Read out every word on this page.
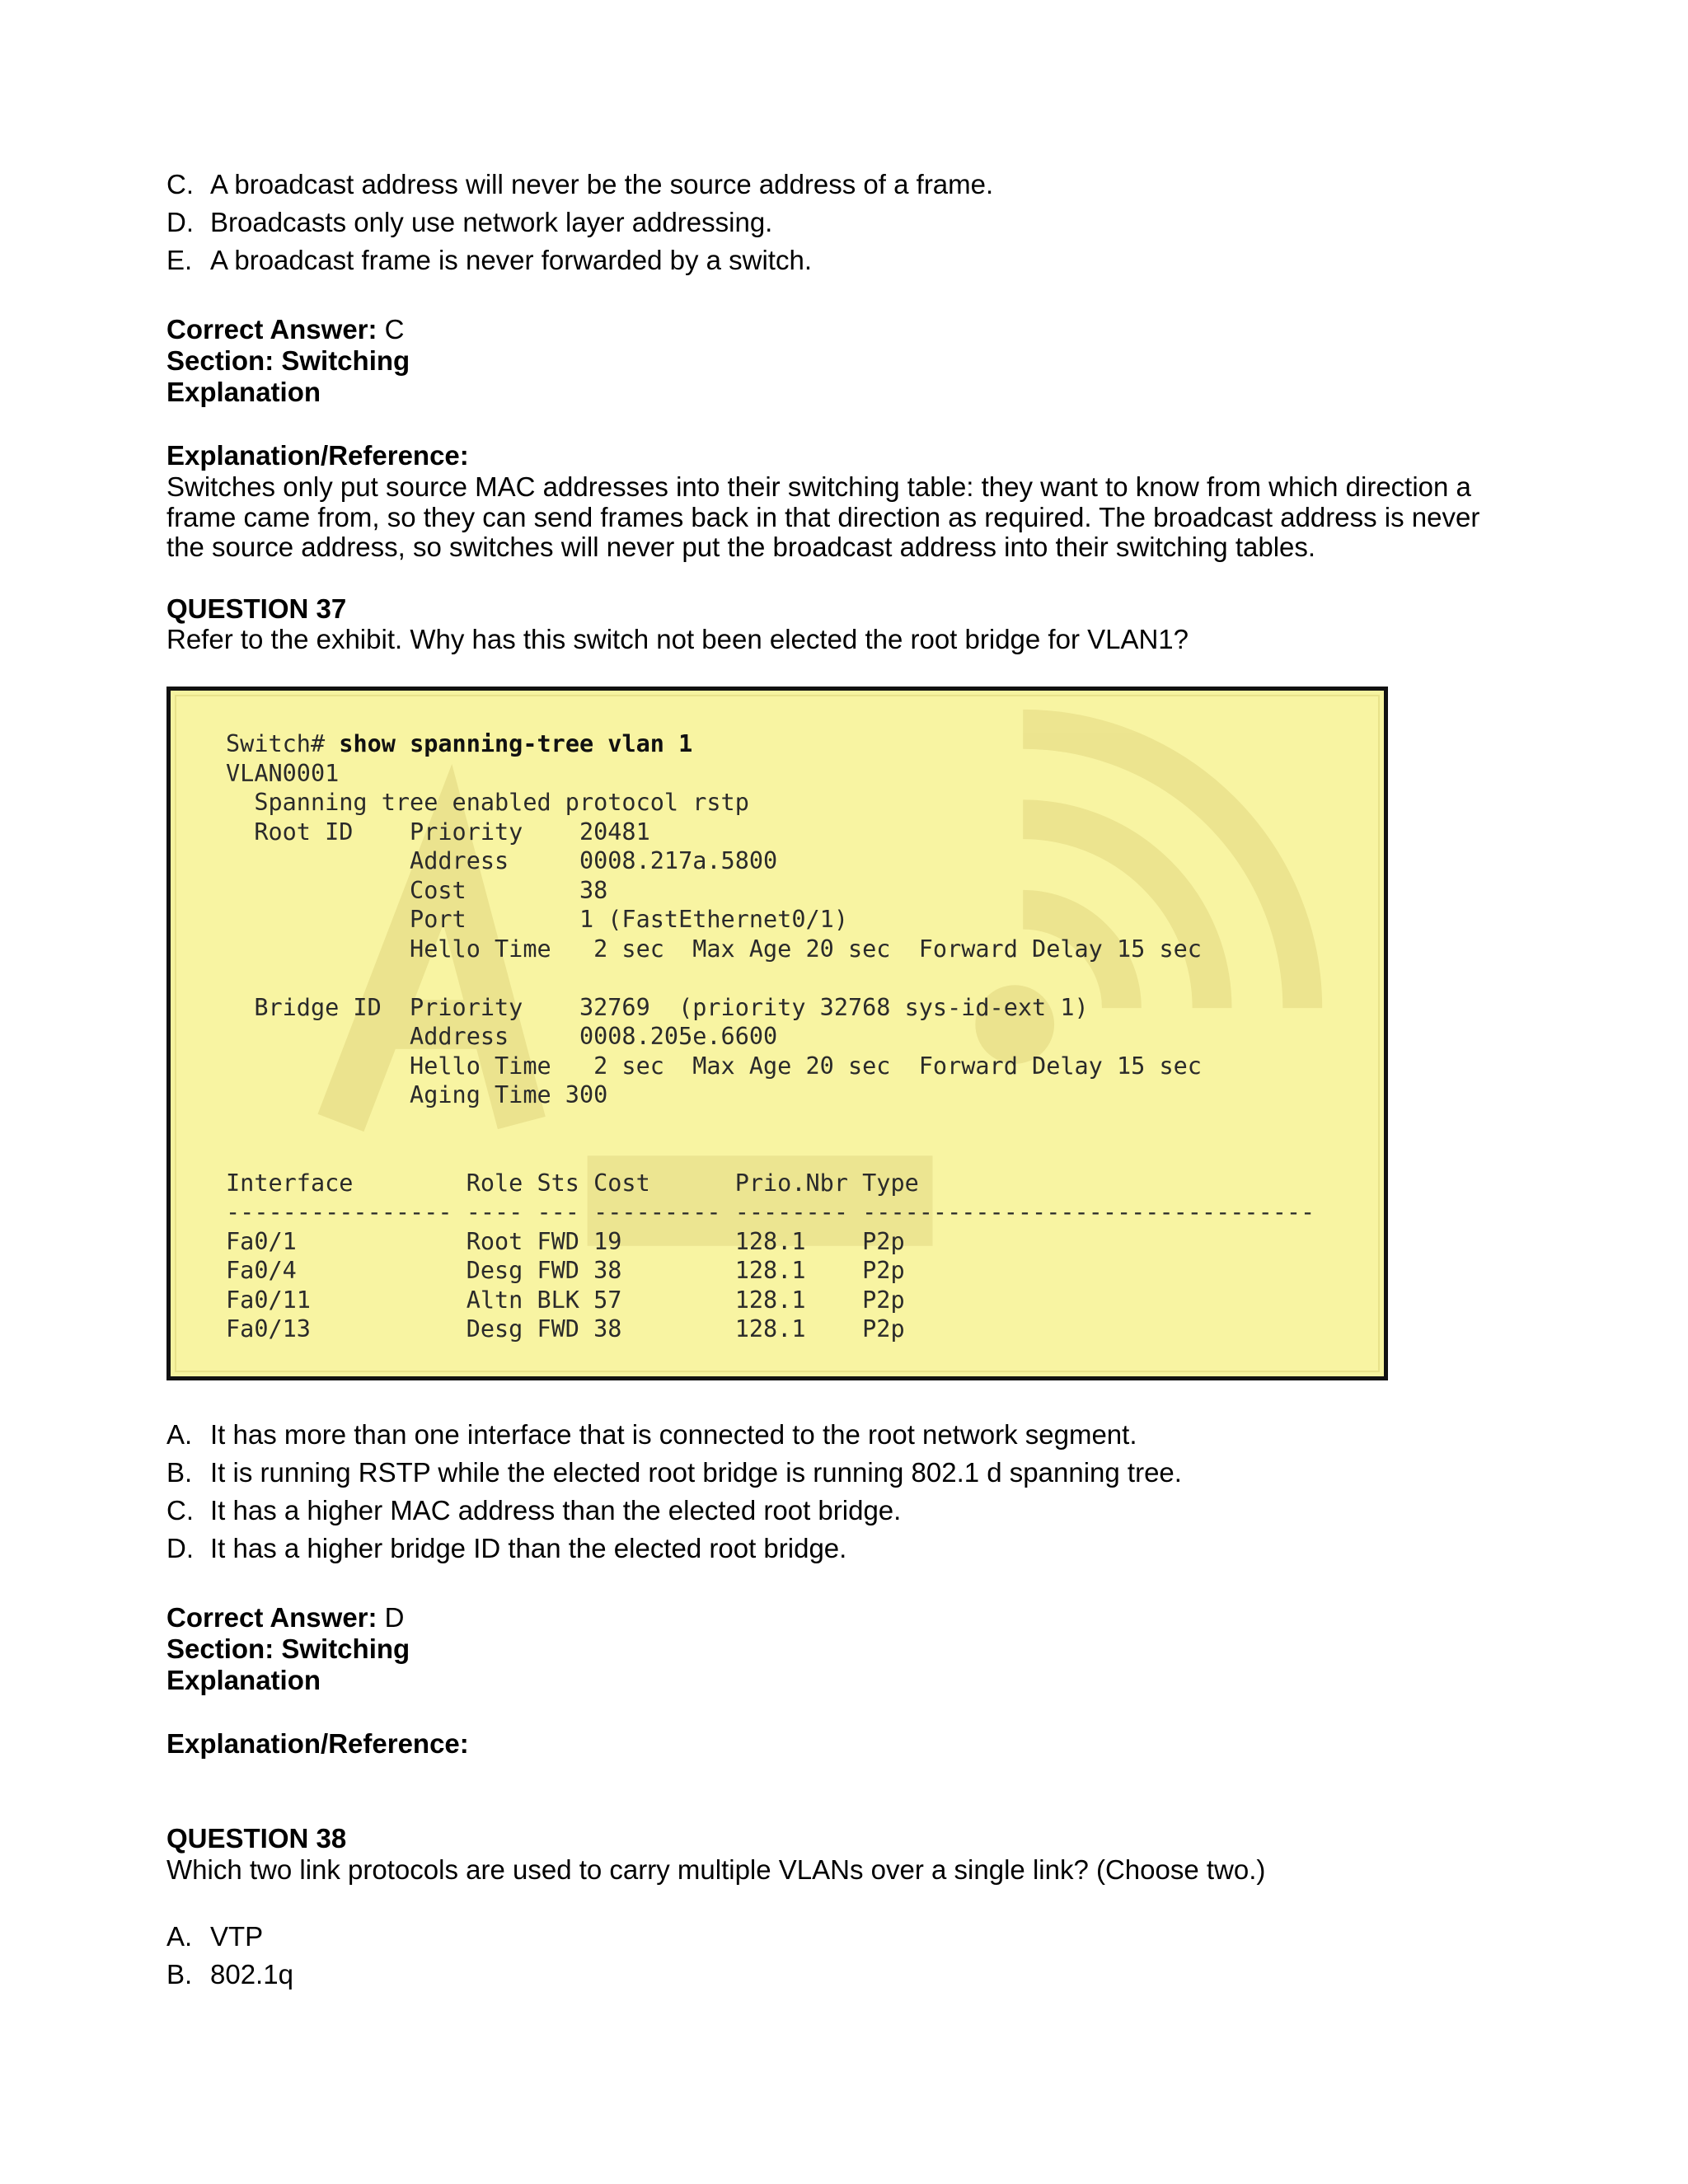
C. A broadcast address will never be the source address of a frame.
D. Broadcasts only use network layer addressing.
E. A broadcast frame is never forwarded by a switch.
Correct Answer: C
Section: Switching
Explanation
Explanation/Reference:
Switches only put source MAC addresses into their switching table: they want to know from which direction a
frame came from, so they can send frames back in that direction as required. The broadcast address is never
the source address, so switches will never put the broadcast address into their switching tables.
QUESTION 37
Refer to the exhibit. Why has this switch not been elected the root bridge for VLAN1?
Switch# show spanning-tree vlan 1
VLAN0001
Spanning tree enabled protocol rstp
Root ID    Priority    20481
Address     0008.217a.5800
Cost        38
Port        1 (FastEthernet0/1)
Hello Time   2 sec  Max Age 20 sec  Forward Delay 15 sec

Bridge ID  Priority    32769  (priority 32768 sys-id-ext 1)
Address     0008.205e.6600
Hello Time   2 sec  Max Age 20 sec  Forward Delay 15 sec
Aging Time 300

Interface        Role Sts Cost      Prio.Nbr Type
---------------- ---- --- --------- -------- --------------------------------
Fa0/1            Root FWD 19        128.1    P2p
Fa0/4            Desg FWD 38        128.1    P2p
Fa0/11           Altn BLK 57        128.1    P2p
Fa0/13           Desg FWD 38        128.1    P2p
A. It has more than one interface that is connected to the root network segment.
B. It is running RSTP while the elected root bridge is running 802.1 d spanning tree.
C. It has a higher MAC address than the elected root bridge.
D. It has a higher bridge ID than the elected root bridge.
Correct Answer: D
Section: Switching
Explanation
Explanation/Reference:
QUESTION 38
Which two link protocols are used to carry multiple VLANs over a single link? (Choose two.)
A. VTP
B. 802.1q
